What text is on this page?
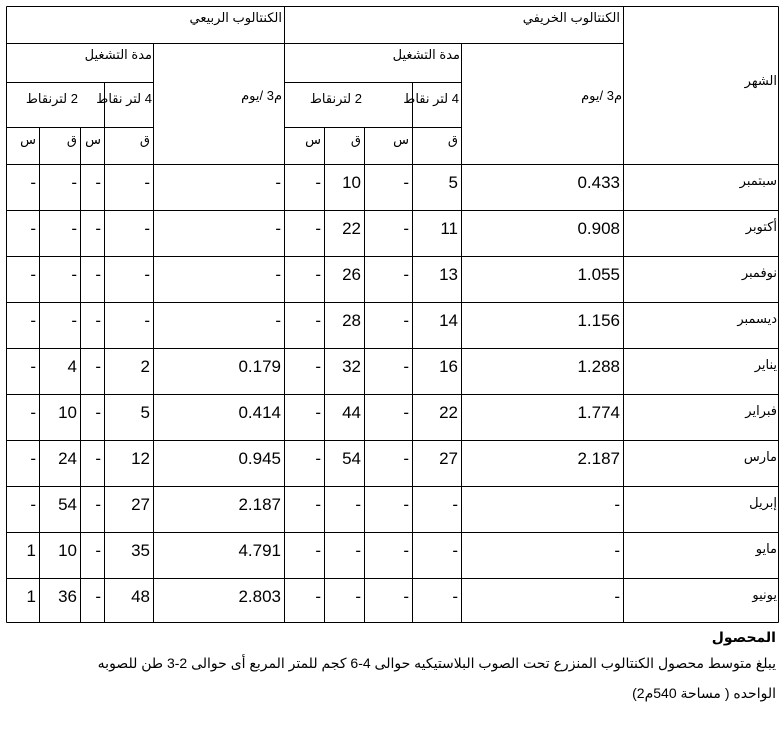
الشهر
الكنتالوب الخريفي
الكنتالوب الربيعي
م3 /يوم
م3 /يوم
مدة التشغيل
مدة التشغيل
4 لتر نقاط
2 لترنقاط
4 لتر نقاط
2 لترنقاط
ق
س
ق
س
ق
س
ق
س
سبتمبر
0.433
5
-
10
-
-
-
-
-
-
أكتوبر
0.908
11
-
22
-
-
-
-
-
-
نوفمبر
1.055
13
-
26
-
-
-
-
-
-
ديسمبر
1.156
14
-
28
-
-
-
-
-
-
يناير
1.288
16
-
32
-
0.179
2
-
4
-
فبراير
1.774
22
-
44
-
0.414
5
-
10
-
مارس
2.187
27
-
54
-
0.945
12
-
24
-
إبريل
-
-
-
-
-
2.187
27
-
54
-
مايو
-
-
-
-
-
4.791
35
-
10
1
يونيو
-
-
-
-
-
2.803
48
-
36
1
المحصول
يبلغ متوسط محصول الكنتالوب المنزرع تحت الصوب البلاستيكيه حوالى 4-6 كجم للمتر المربع أى حوالى 2-3 طن للصوبه
الواحده ( مساحة 540م2)
